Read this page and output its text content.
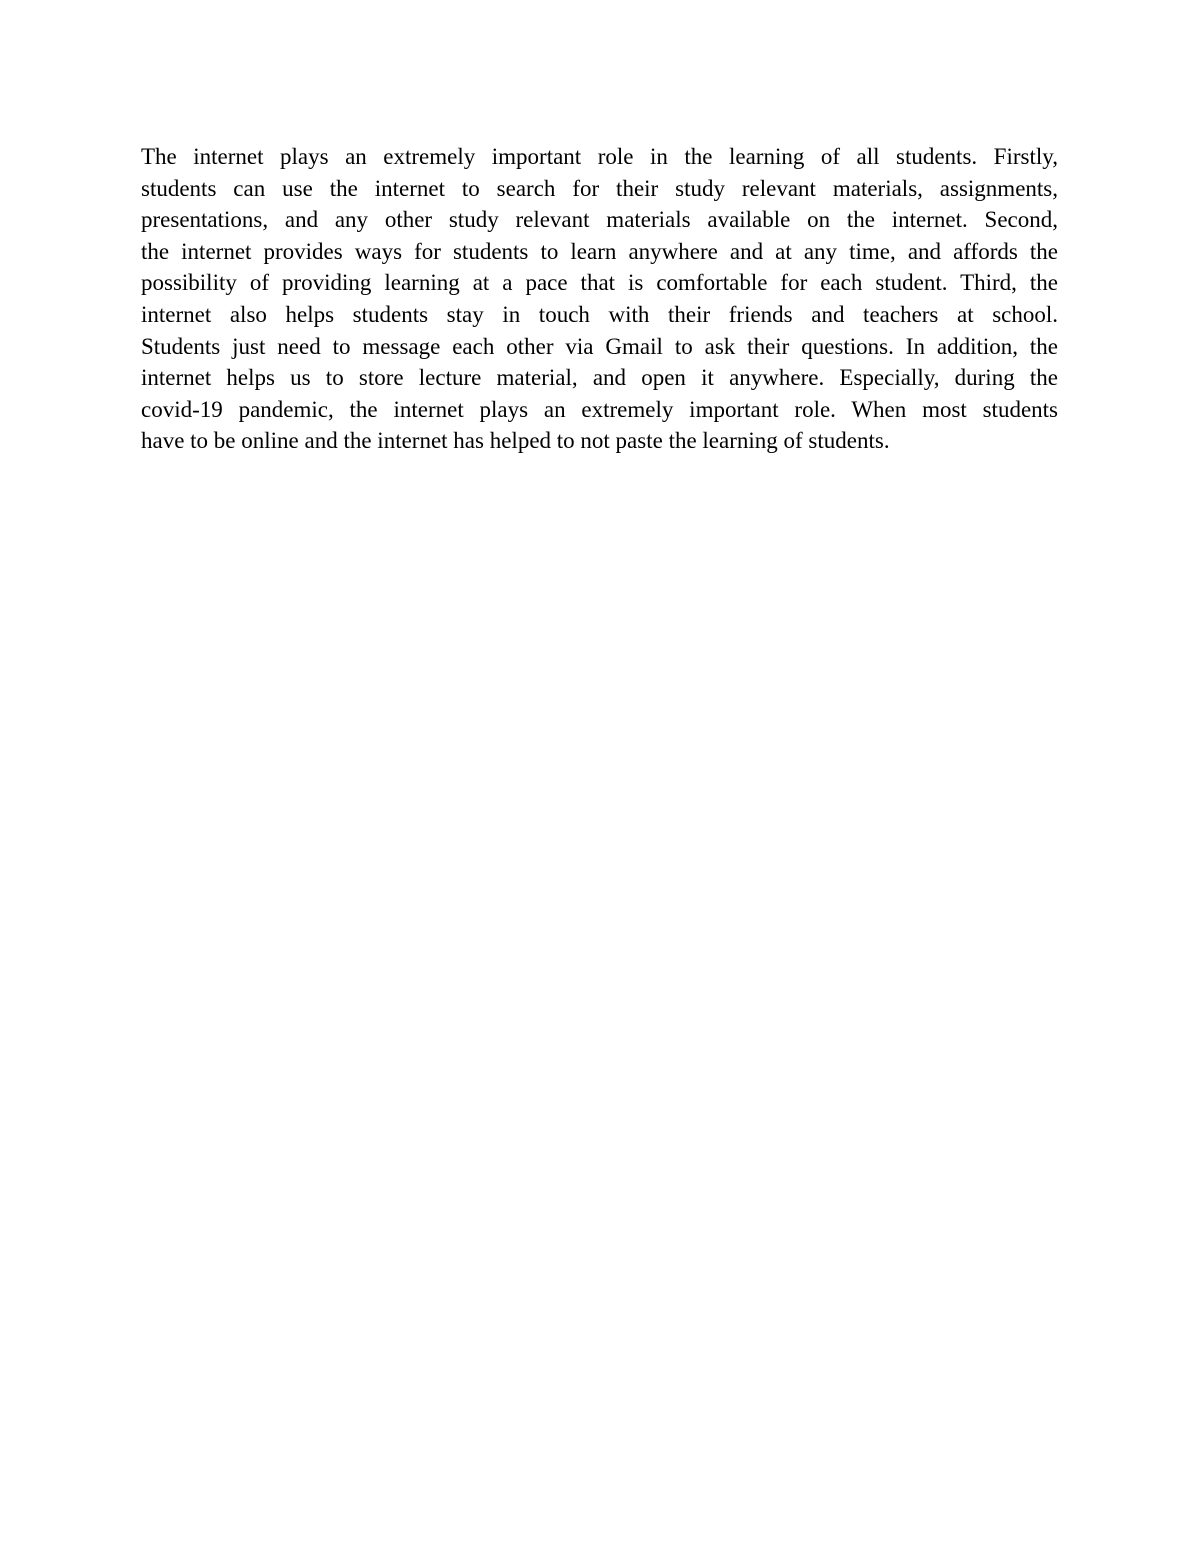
The internet plays an extremely important role in the learning of all students. Firstly,
students can use the internet to search for their study relevant materials, assignments,
presentations, and any other study relevant materials available on the internet. Second,
the internet provides ways for students to learn anywhere and at any time, and affords the
possibility of providing learning at a pace that is comfortable for each student. Third, the
internet also helps students stay in touch with their friends and teachers at school.
Students just need to message each other via Gmail to ask their questions. In addition, the
internet helps us to store lecture material, and open it anywhere. Especially, during the
covid-19 pandemic, the internet plays an extremely important role. When most students
have to be online and the internet has helped to not paste the learning of students.
